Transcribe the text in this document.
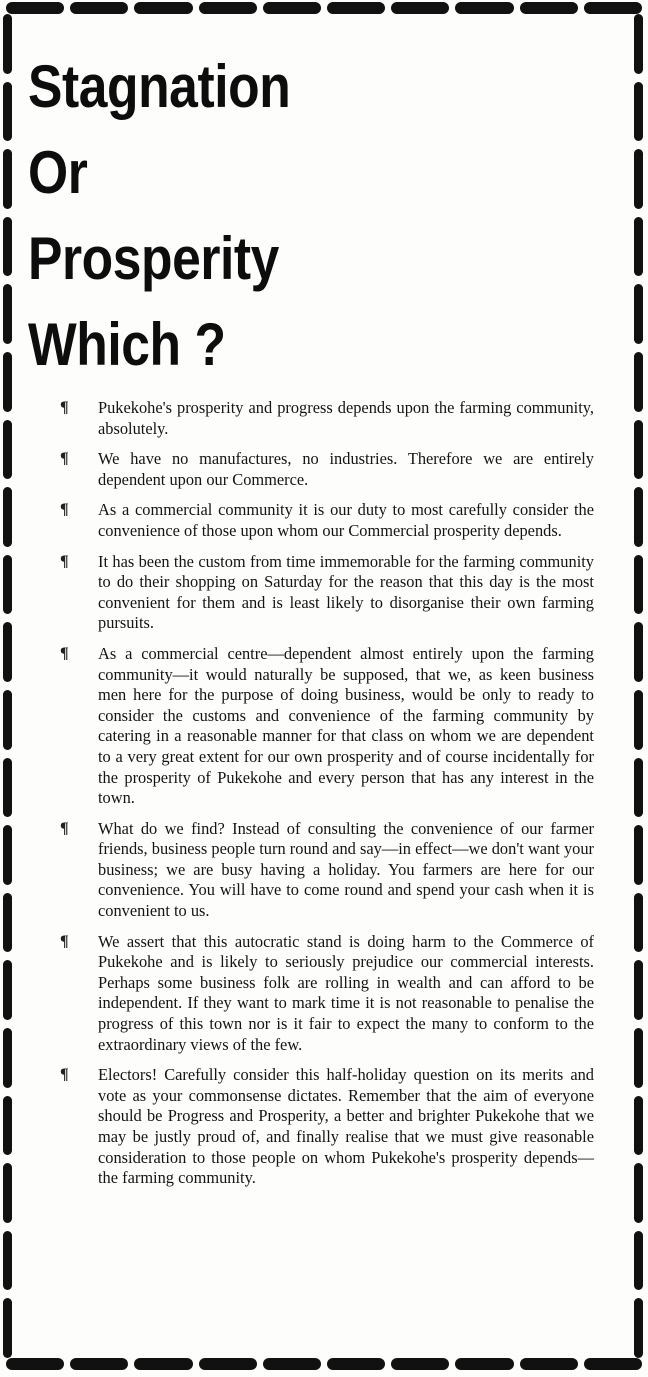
Stagnation
Or
Prosperity
Which ?
¶ Pukekohe's prosperity and progress depends upon the farming community, absolutely.
¶ We have no manufactures, no industries. Therefore we are entirely dependent upon our Commerce.
¶ As a commercial community it is our duty to most carefully consider the convenience of those upon whom our Commercial prosperity depends.
¶ It has been the custom from time immemorable for the farming community to do their shopping on Saturday for the reason that this day is the most convenient for them and is least likely to disorganise their own farming pursuits.
¶ As a commercial centre—dependent almost entirely upon the farming community—it would naturally be supposed, that we, as keen business men here for the purpose of doing business, would be only to ready to consider the customs and convenience of the farming community by catering in a reasonable manner for that class on whom we are dependent to a very great extent for our own prosperity and of course incidentally for the prosperity of Pukekohe and every person that has any interest in the town.
¶ What do we find? Instead of consulting the convenience of our farmer friends, business people turn round and say—in effect—we don't want your business; we are busy having a holiday. You farmers are here for our convenience. You will have to come round and spend your cash when it is convenient to us.
¶ We assert that this autocratic stand is doing harm to the Commerce of Pukekohe and is likely to seriously prejudice our commercial interests. Perhaps some business folk are rolling in wealth and can afford to be independent. If they want to mark time it is not reasonable to penalise the progress of this town nor is it fair to expect the many to conform to the extraordinary views of the few.
¶ Electors! Carefully consider this half-holiday question on its merits and vote as your commonsense dictates. Remember that the aim of everyone should be Progress and Prosperity, a better and brighter Pukekohe that we may be justly proud of, and finally realise that we must give reasonable consideration to those people on whom Pukekohe's prosperity depends—the farming community.
